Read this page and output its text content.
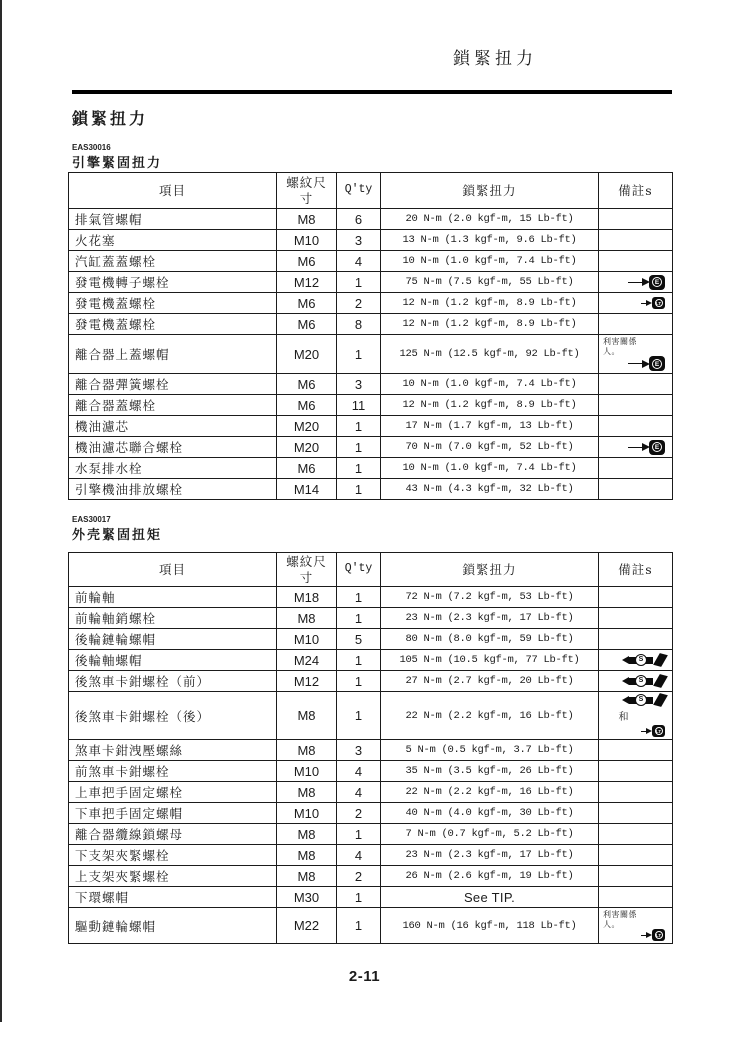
鎖緊扭力
鎖緊扭力
EAS30016
引擎緊固扭力
項目	螺紋尺寸	Q′ty	鎖緊扭力	備註s
排氣管螺帽	M8	6	20 N-m (2.0 kgf-m, 15 Lb-ft)	

火花塞	M10	3	13 N-m (1.3 kgf-m, 9.6 Lb-ft)	

汽缸蓋蓋螺栓	M6	4	10 N-m (1.0 kgf-m, 7.4 Lb-ft)	

發電機轉子螺栓	M12	1	75 N-m (7.5 kgf-m, 55 Lb-ft)	E

發電機蓋螺栓	M6	2	12 N-m (1.2 kgf-m, 8.9 Lb-ft)	LT

發電機蓋螺栓	M6	8	12 N-m (1.2 kgf-m, 8.9 Lb-ft)	

離合器上蓋螺帽	M20	1	125 N-m (12.5 kgf-m, 92 Lb-ft)	利害關係人。
E

離合器彈簧螺栓	M6	3	10 N-m (1.0 kgf-m, 7.4 Lb-ft)	

離合器蓋螺栓	M6	11	12 N-m (1.2 kgf-m, 8.9 Lb-ft)	

機油濾芯	M20	1	17 N-m (1.7 kgf-m, 13 Lb-ft)	

機油濾芯聯合螺栓	M20	1	70 N-m (7.0 kgf-m, 52 Lb-ft)	E

水泵排水栓	M6	1	10 N-m (1.0 kgf-m, 7.4 Lb-ft)	

引擎機油排放螺栓	M14	1	43 N-m (4.3 kgf-m, 32 Lb-ft)	
EAS30017
外壳緊固扭矩
項目	螺紋尺寸	Q′ty	鎖緊扭力	備註s
前輪軸	M18	1	72 N-m (7.2 kgf-m, 53 Lb-ft)	

前輪軸銷螺栓	M8	1	23 N-m (2.3 kgf-m, 17 Lb-ft)	

後輪鏈輪螺帽	M10	5	80 N-m (8.0 kgf-m, 59 Lb-ft)	

後輪軸螺帽	M24	1	105 N-m (10.5 kgf-m, 77 Lb-ft)	S

後煞車卡鉗螺栓（前）	M12	1	27 N-m (2.7 kgf-m, 20 Lb-ft)	S

後煞車卡鉗螺栓（後）	M8	1	22 N-m (2.2 kgf-m, 16 Lb-ft)	S
和
LT

煞車卡鉗洩壓螺絲	M8	3	5 N-m (0.5 kgf-m, 3.7 Lb-ft)	

前煞車卡鉗螺栓	M10	4	35 N-m (3.5 kgf-m, 26 Lb-ft)	

上車把手固定螺栓	M8	4	22 N-m (2.2 kgf-m, 16 Lb-ft)	

下車把手固定螺帽	M10	2	40 N-m (4.0 kgf-m, 30 Lb-ft)	

離合器纜線鎖螺母	M8	1	7 N-m (0.7 kgf-m, 5.2 Lb-ft)	

下支架夾緊螺栓	M8	4	23 N-m (2.3 kgf-m, 17 Lb-ft)	

上支架夾緊螺栓	M8	2	26 N-m (2.6 kgf-m, 19 Lb-ft)	

下環螺帽	M30	1	See TIP.	

驅動鏈輪螺帽	M22	1	160 N-m (16 kgf-m, 118 Lb-ft)	利害關係人。
LT
2-11
